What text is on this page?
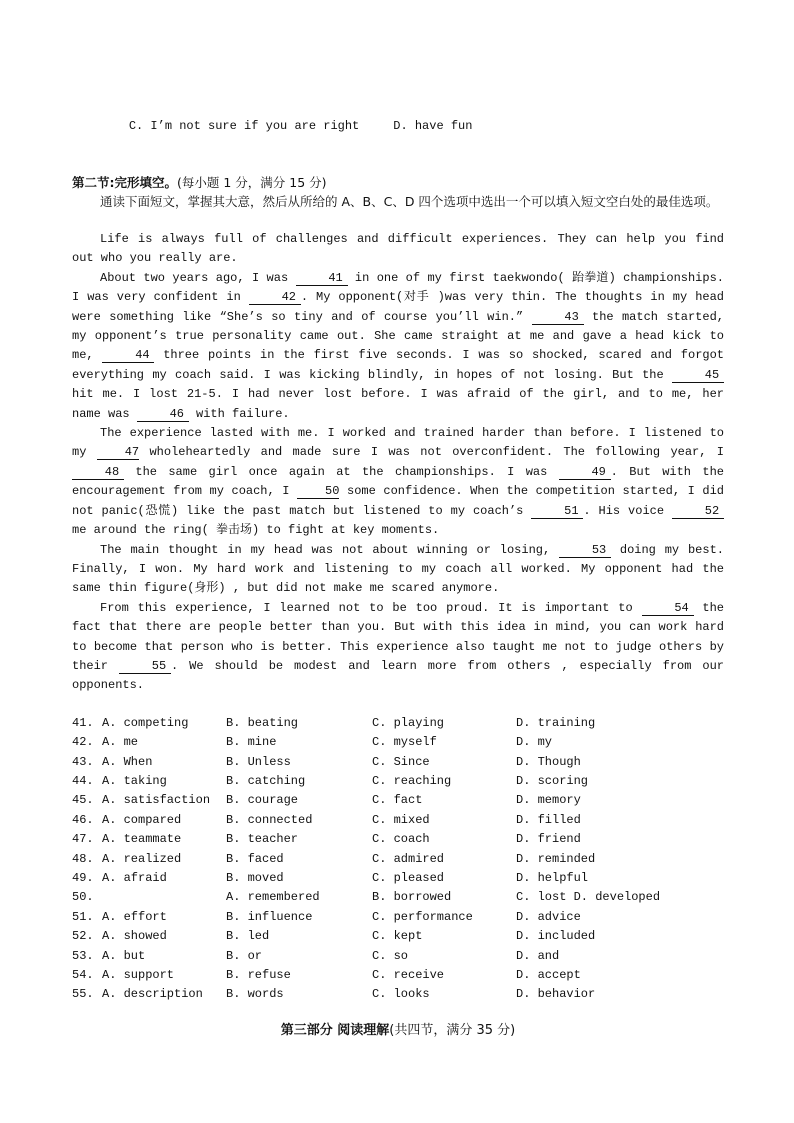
C. I’m not sure if you are right	D. have fun

第二节:完形填空。(每小题 1 分，满分 15 分)

通读下面短文，掌握其大意，然后从所给的 A、B、C、D 四个选项中选出一个可以填入短文空白处的最佳选项。

Life is always full of challenges and difficult experiences. They can help you find out who you really are.

About two years ago, I was	41 in one of my first taekwondo( 跆拳道) championships. I was very confident in	42 . My opponent(对手 )was very thin. The thoughts in my head were something like “She’s so tiny and of course you’ll win.”	43 the match started, my opponent’s true personality came out. She came straight at me and gave a head kick to me,	44 three points in the first five seconds. I was so shocked, scared and forgot everything my coach said. I was kicking blindly, in hopes of not losing. But the	45 hit me. I lost 21-5. I had never lost before. I was afraid of the girl, and to me, her name was	46 with failure.

The experience lasted with me. I worked and trained harder than before. I listened to my 47 wholeheartedly and made sure I was not overconfident. The following year, I 48 the same girl once again at the championships. I was	49 . But with the encouragement from my coach, I 50 some confidence. When the competition started, I did not panic(恐慌) like the past match but listened to my coach’s	51 . His voice	52 me around the ring( 拳击场) to fight at key moments.

The main thought in my head was not about winning or losing,	53 doing my best. Finally, I won. My hard work and listening to my coach all worked. My opponent had the same thin figure(身形) , but did not make me scared anymore.

From this experience, I learned not to be too proud. It is important to	54 the fact that there are people better than you. But with this idea in mind, you can work hard to become that person who is better. This experience also taught me not to judge others by their	55 . We should be modest and learn more from others , especially from our opponents.

41. A. competing	B. beating	C. playing	D. training
42. A. me	B. mine	C. myself	D. my
43. A. When	B. Unless	C. Since	D. Though
44. A. taking	B. catching	C. reaching	D. scoring
45. A. satisfaction	B. courage	C. fact	D. memory
46. A. compared	B. connected	C. mixed	D. filled
47. A. teammate	B. teacher	C. coach	D. friend
48. A. realized	B. faced	C. admired	D. reminded
49. A. afraid	B. moved	C. pleased	D. helpful
50.	A. remembered	B. borrowed	C. lost D. developed
51. A. effort	B. influence	C. performance	D. advice
52. A. showed	B. led	C. kept	D. included
53. A. but	B. or	C. so	D. and
54. A. support	B. refuse	C. receive	D. accept
55. A. description	B. words	C. looks	D. behavior
第三部分 阅读理解(共四节，满分 35 分)
